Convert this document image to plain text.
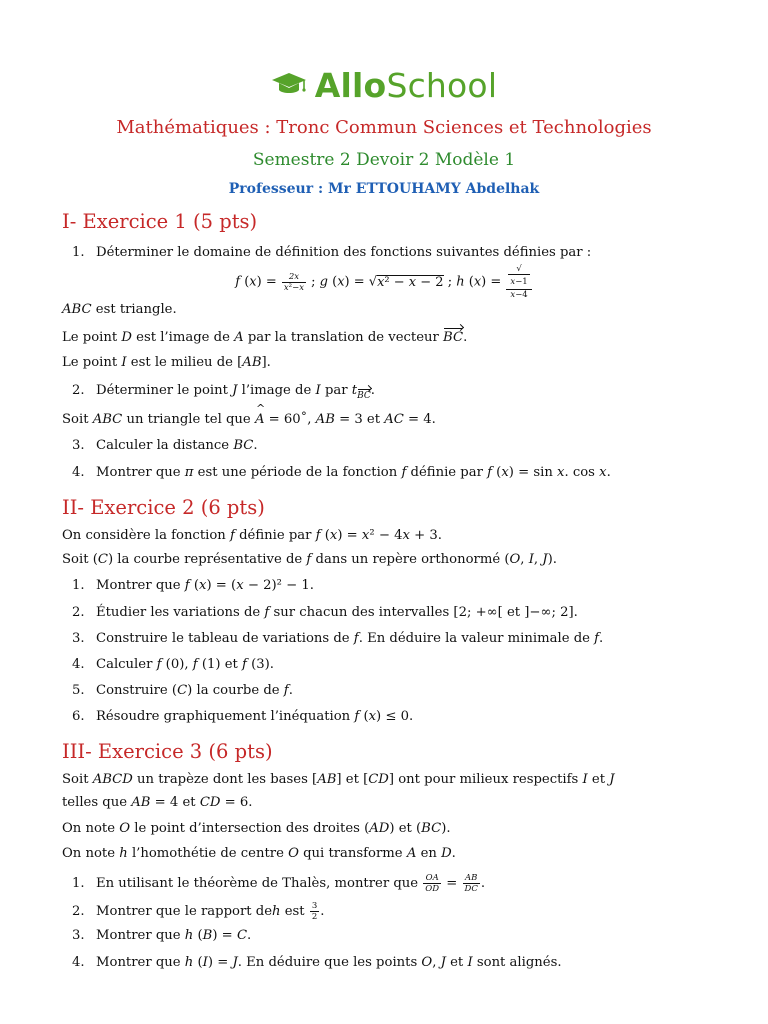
AlloSchool
Mathématiques : Tronc Commun Sciences et Technologies
Semestre 2 Devoir 2 Modèle 1
Professeur : Mr ETTOUHAMY Abdelhak
I- Exercice 1 (5 pts)
1. Déterminer le domaine de définition des fonctions suivantes définies par :
f $(x) = \frac{2x}{\text{x²−x}}$ ; g (x) = √x² − x − 2 ; h (x) = √
x−1
x−4
ABC est triangle.
Le point D est l’image de A par la translation de vecteur BC.
Le point I est le milieu de [AB].
2. Déterminer le point J l’image de I par $t_{BC}$.
Soit ABC un triangle tel que ^ A = 60˚, AB = 3 et AC = 4.
3. Calculer la distance BC.
4. Montrer que π est une période de la fonction f définie par f (x) = sin x. cos x.
II- Exercice 2 (6 pts)
On considère la fonction f définie par f (x) = x² − 4x + 3.
Soit (C) la courbe représentative de f dans un repère orthonormé (O, I, J).
1. Montrer que f (x) = (x − 2)² − 1.
2. Étudier les variations de f sur chacun des intervalles [2; +∞[ et ]−∞; 2].
3. Construire le tableau de variations de f. En déduire la valeur minimale de f.
4. Calculer f (0), f (1) et f (3).
5. Construire (C) la courbe de f.
6. Résoudre graphiquement l’inéquation f (x) ≤ 0.
III- Exercice 3 (6 pts)
Soit ABCD un trapèze dont les bases [AB] et [CD] ont pour milieux respectifs I et J
telles que AB = 4 et CD = 6.
On note O le point d’intersection des droites (AD) et (BC).
On note h l’homothétie de centre O qui transforme A en D.
1. En utilisant le théorème de Thalès, montrer que $\frac{OA}{OD} = \frac{AB}{DC}$ .
2. Montrer que le rapport deh est $\frac{3}{2}$ .
3. Montrer que h (B) = C.
4. Montrer que h (I) = J. En déduire que les points O, J et I sont alignés.
